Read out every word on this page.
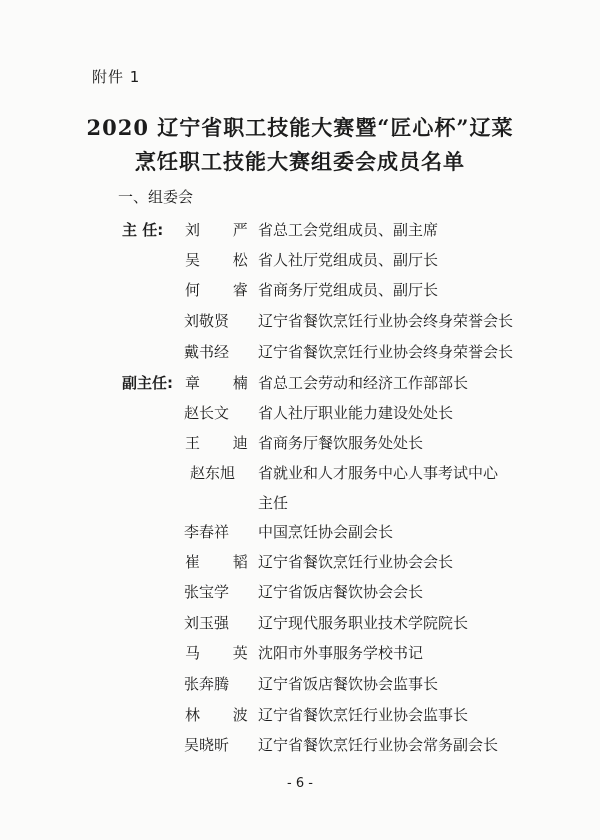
附件 1
2020 辽宁省职工技能大赛暨“匠心杯”辽菜
烹饪职工技能大赛组委会成员名单
一、组委会
主 任:
副主任:
刘 严
省总工会党组成员、副主席
吴 松
省人社厅党组成员、副厅长
何 睿
省商务厅党组成员、副厅长
刘敬贤 辽宁省餐饮烹饪行业协会终身荣誉会长
戴书经 辽宁省餐饮烹饪行业协会终身荣誉会长
章 楠
省总工会劳动和经济工作部部长
赵长文 省人社厅职业能力建设处处长
王 迪
省商务厅餐饮服务处处长
赵东旭 省就业和人才服务中心人事考试中心
主任
李春祥 中国烹饪协会副会长
崔 韬
辽宁省餐饮烹饪行业协会会长
张宝学 辽宁省饭店餐饮协会会长
刘玉强 辽宁现代服务职业技术学院院长
马 英
沈阳市外事服务学校书记
张奔腾 辽宁省饭店餐饮协会监事长
林 波
辽宁省餐饮烹饪行业协会监事长
吴晓昕 辽宁省餐饮烹饪行业协会常务副会长
- 6 -
